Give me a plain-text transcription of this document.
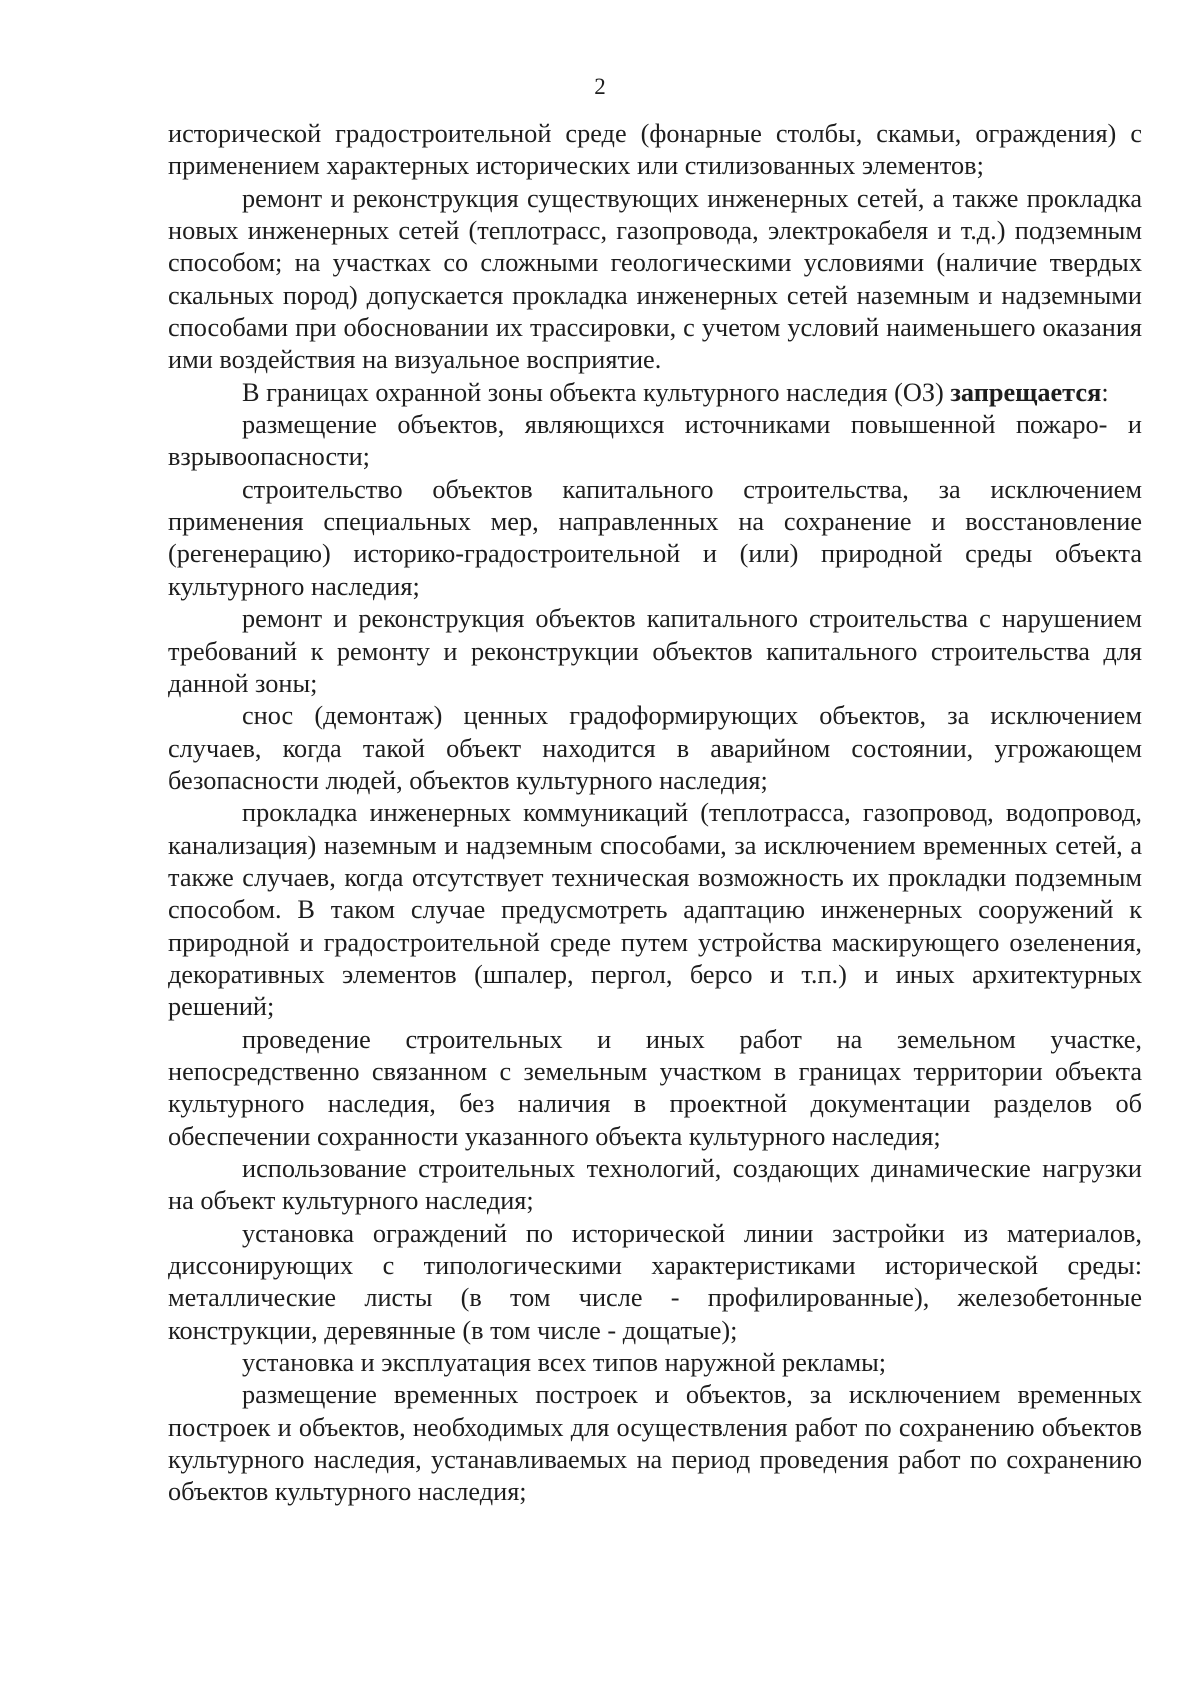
2

исторической градостроительной среде (фонарные столбы, скамьи, ограждения) с применением характерных исторических или стилизованных элементов;

ремонт и реконструкция существующих инженерных сетей, а также прокладка новых инженерных сетей (теплотрасс, газопровода, электрокабеля и т.д.) подземным способом; на участках со сложными геологическими условиями (наличие твердых скальных пород) допускается прокладка инженерных сетей наземным и надземными способами при обосновании их трассировки, с учетом условий наименьшего оказания ими воздействия на визуальное восприятие.

В границах охранной зоны объекта культурного наследия (ОЗ) запрещается:

размещение объектов, являющихся источниками повышенной пожаро- и взрывоопасности;

строительство объектов капитального строительства, за исключением применения специальных мер, направленных на сохранение и восстановление (регенерацию) историко-градостроительной и (или) природной среды объекта культурного наследия;

ремонт и реконструкция объектов капитального строительства с нарушением требований к ремонту и реконструкции объектов капитального строительства для данной зоны;

снос (демонтаж) ценных градоформирующих объектов, за исключением случаев, когда такой объект находится в аварийном состоянии, угрожающем безопасности людей, объектов культурного наследия;

прокладка инженерных коммуникаций (теплотрасса, газопровод, водопровод, канализация) наземным и надземным способами, за исключением временных сетей, а также случаев, когда отсутствует техническая возможность их прокладки подземным способом. В таком случае предусмотреть адаптацию инженерных сооружений к природной и градостроительной среде путем устройства маскирующего озеленения, декоративных элементов (шпалер, пергол, берсо и т.п.) и иных архитектурных решений;

проведение строительных и иных работ на земельном участке, непосредственно связанном с земельным участком в границах территории объекта культурного наследия, без наличия в проектной документации разделов об обеспечении сохранности указанного объекта культурного наследия;

использование строительных технологий, создающих динамические нагрузки на объект культурного наследия;

установка ограждений по исторической линии застройки из материалов, диссонирующих с типологическими характеристиками исторической среды: металлические листы (в том числе - профилированные), железобетонные конструкции, деревянные (в том числе - дощатые);

установка и эксплуатация всех типов наружной рекламы;

размещение временных построек и объектов, за исключением временных построек и объектов, необходимых для осуществления работ по сохранению объектов культурного наследия, устанавливаемых на период проведения работ по сохранению объектов культурного наследия;
